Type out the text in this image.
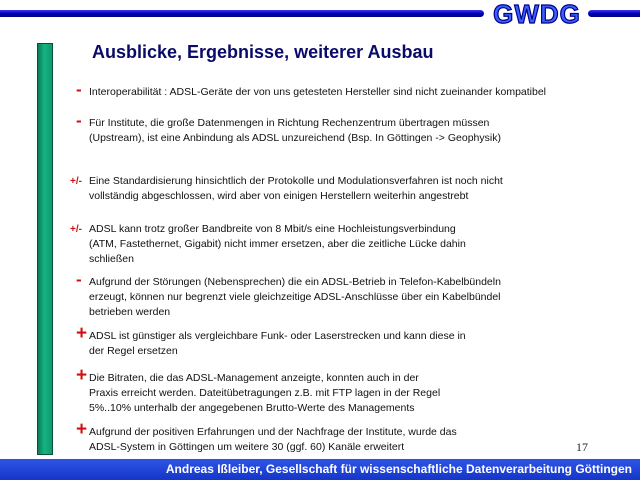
GWDG
Ausblicke, Ergebnisse, weiterer Ausbau
- Interoperabilität : ADSL-Geräte der von uns getesteten Hersteller sind nicht zueinander kompatibel

- Für Institute, die große Datenmengen in Richtung Rechenzentrum übertragen müssen

(Upstream), ist eine Anbindung als ADSL unzureichend (Bsp. In Göttingen -> Geophysik)

+/- Eine Standardisierung hinsichtlich der Protokolle und Modulationsverfahren ist noch nicht

vollständig abgeschlossen, wird aber von einigen Herstellern weiterhin angestrebt

+/- ADSL kann trotz großer Bandbreite von 8 Mbit/s eine Hochleistungsverbindung

(ATM, Fastethernet, Gigabit) nicht immer ersetzen, aber die zeitliche Lücke dahin

schließen

- Aufgrund der Störungen (Nebensprechen) die ein ADSL-Betrieb in Telefon-Kabelbündeln

erzeugt, können nur begrenzt viele gleichzeitige ADSL-Anschlüsse über ein Kabelbündel

betrieben werden

+ ADSL ist günstiger als vergleichbare Funk- oder Laserstrecken und kann diese in

der Regel ersetzen

+ Die Bitraten, die das ADSL-Management anzeigte, konnten auch in der

Praxis erreicht werden. Dateitübetragungen z.B. mit FTP lagen in der Regel

5%..10% unterhalb der angegebenen Brutto-Werte des Managements

+ Aufgrund der positiven Erfahrungen und der Nachfrage der Institute, wurde das

ADSL-System in Göttingen um weitere 30 (ggf. 60) Kanäle erweitert	17
Andreas Ißleiber, Gesellschaft für wissenschaftliche Datenverarbeitung Göttingen
